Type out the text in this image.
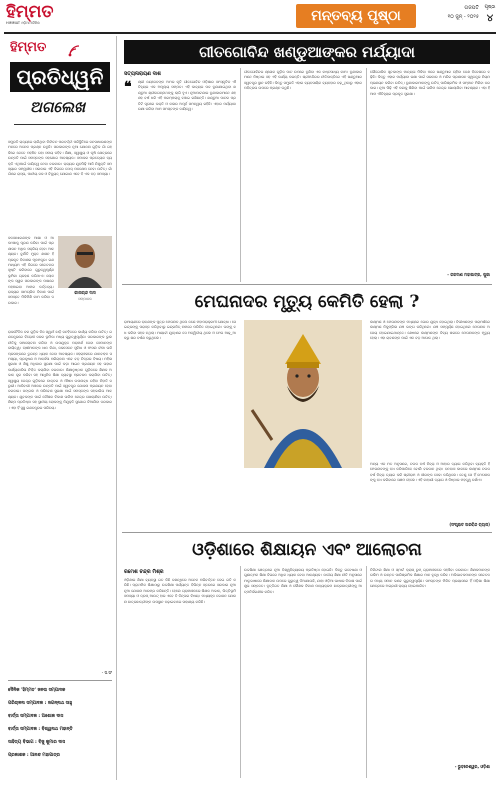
ହିମ୍ମତ
HIMMAT ଓଡ଼ିଆ ଦୈନିକ	ମନ୍ତବ୍ୟ ପୃଷ୍ଠା	ଗଜପତି
୧୦ ଜୁନ୍ - ୨୦୨୫
ପୃଷ୍ଠା
୪
ହିମ୍ମତ
ପ୍ରତିଧ୍ୱନି
ଅଗଲେଖ
ସମ୍ପ୍ରତି ରାଜ୍ୟରେ ଚାଲିଥିବା ନିର୍ବାଚନ ପରବର୍ତ୍ତୀ ପରିସ୍ଥିତିରେ ଜନସାଧାରଣଙ୍କ ମନରେ ଅନେକ ପ୍ରଶ୍ନ ଉଠୁଛି। ସରକାରଙ୍କ ନୂଆ ଯୋଜନା ଗୁଡ଼ିକ ଗାଁ ଗହଳିରେ କେତେ ପହଞ୍ଚିବ ତାହା ସମୟ କହିବ। ଶିକ୍ଷା, ସ୍ୱାସ୍ଥ୍ୟ ଓ କୃଷି କ୍ଷେତ୍ରରେ ଉନ୍ନତି ପାଇଁ ସମସ୍ତଙ୍କ ସହଯୋଗ ଆବଶ୍ୟକ। ସମାଜର ପ୍ରତ୍ୟେକ ବ୍ୟକ୍ତି ଏଥିପାଇଁ ଦାୟିତ୍ୱ ନେବା ଦରକାର। ରାଜ୍ୟର ଯୁବପିଢ଼ି ଆଜି ନିଯୁକ୍ତି ସମସ୍ୟାର ସମ୍ମୁଖୀନ। ସରକାର ଏହି ଦିଗରେ ଠୋସ୍ ପଦକ୍ଷେପ ନେବା ଉଚିତ୍। ଗାଁ ଗାଁରେ ରାସ୍ତା, ପାନୀୟ ଜଳ ଓ ବିଦ୍ୟୁତ୍ ଯୋଗାଣ ଏବେ ବି ଏକ ବଡ଼ ସମସ୍ୟା।
ଜନସାଧାରଣଙ୍କ ଆଶା ଓ ଆକାଂକ୍ଷାକୁ ପୂରଣ କରିବା ପାଇଁ ପ୍ରଶାସନ ଅଧିକ ସକ୍ରିୟ ହେବା ଆବଶ୍ୟକ। ଦୁର୍ନୀତି ମୁକ୍ତ ଶାସନ ହିଁ ପ୍ରକୃତ ବିକାଶର ମୂଳମନ୍ତ୍ର। ଗଣମାଧ୍ୟମ ଏହି ଦିଗରେ ସଚେତନତା ସୃଷ୍ଟି କରିବାରେ ଗୁରୁତ୍ୱପୂର୍ଣ୍ଣ ଭୂମିକା ଗ୍ରହଣ କରିଥାଏ। ଲୋକଙ୍କ ସ୍ୱର ସରକାରଙ୍କ ପାଖରେ ପହଞ୍ଚାଇବା ଆମର କର୍ତ୍ତବ୍ୟ। ରାଜ୍ୟର ସାମଗ୍ରିକ ବିକାଶ ପାଇଁ ସମସ୍ତେ ମିଳିମିଶି କାମ କରିବା ଦରକାର।
କାଳାଚାନ୍ଦ ଦାସ
ସମ୍ପାଦକ
ରାଜନୈତିକ ଦଳ ଗୁଡ଼ିକ ନିଜ ସ୍ୱାର୍ଥ ଛାଡ଼ି ଜନହିତରେ କାର୍ଯ୍ୟ କରିବା ଉଚିତ୍। ଗଣତନ୍ତ୍ରରେ ବିରୋଧୀ ଦଳର ଭୂମିକା ମଧ୍ୟ ଗୁରୁତ୍ୱପୂର୍ଣ୍ଣ। ସରକାରଙ୍କ ଭୁଲ ନୀତିକୁ ସମାଲୋଚନା କରିବା ଓ ଉପଯୁକ୍ତ ପରାମର୍ଶ ଦେବା ସେମାନଙ୍କ ଦାୟିତ୍ୱ। ଚାଷୀମାନଙ୍କ ଧାନ କିଣା, ଜଳସେଚନ ସୁବିଧା ଓ ଫସଲ ବୀମା ଭଳି ପ୍ରସଙ୍ଗରେ ତୁରନ୍ତ ଧ୍ୟାନ ଦେବା ଆବଶ୍ୟକ। ସହରାଞ୍ଚଳରେ ଯାନବାହନ ସମସ୍ୟା, ପ୍ରଦୂଷଣ ଓ ଆବର୍ଜନା ପରିଚାଳନା ଏବେ ବଡ଼ ଚିନ୍ତାର ବିଷୟ। ମହିଳା ସୁରକ୍ଷା ଓ ଶିଶୁ ଅଧିକାର ସୁରକ୍ଷା ପାଇଁ କଡ଼ା ଆଇନ ପ୍ରଣୟନ ସହ ତାହାର କାର୍ଯ୍ୟକାରିତା ନିଶ୍ଚିତ କରାଯିବା ଦରକାର। ଶିକ୍ଷାନୁଷ୍ଠାନ ଗୁଡ଼ିକରେ ଶିକ୍ଷକ ଅଭାବ ଦୂର କରିବା ସହ ଆଧୁନିକ ଶିକ୍ଷା ବ୍ୟବସ୍ଥା ପ୍ରଚଳନ କରାଯିବା ଉଚିତ୍। ସ୍ୱାସ୍ଥ୍ୟ କେନ୍ଦ୍ର ଗୁଡ଼ିକରେ ଡାକ୍ତର ଓ ଔଷଧ ଉପଲବ୍ଧ ରହିବା ନିହାତି ଜରୁରୀ। ଆଦିବାସୀ ଅଞ୍ଚଳର ଉନ୍ନତି ପାଇଁ ସ୍ୱତନ୍ତ୍ର ଯୋଜନା ପ୍ରଣୟନ ହେବା ଦରକାର। ଜଙ୍ଗଲ ଓ ପରିବେଶ ସୁରକ୍ଷା ପାଇଁ ସମସ୍ତଙ୍କ ସହଭାଗିତା ଆବଶ୍ୟକ। ଯୁବକଙ୍କ ପାଇଁ କୌଶଳ ବିକାଶ ତାଲିମ କେନ୍ଦ୍ର ଖୋଲାଯିବା ଉଚିତ୍। ଶିଳ୍ପ ପ୍ରତିଷ୍ଠା ସହ ସ୍ଥାନୀୟ ଲୋକଙ୍କୁ ନିଯୁକ୍ତି ସୁଯୋଗ ଦିଆଯିବା ଦରକାର। ଏହା ହିଁ ସୁସ୍ଥ ଗଣତନ୍ତ୍ରର ପରିଚୟ।
- ସ.ସଂ
ଦୈନିକ 'ହିମ୍ମତ' ଜନତା ସମ୍ପାଦକ
ପରିଚାଳନା ସମ୍ପାଦକ : ଜଗନ୍ନାଥ ସାହୁ
ବାର୍ତ୍ତା ସମ୍ପାଦକ : ଅଶୋକ ଦାସ
ବାର୍ତ୍ତା ସମ୍ପାଦକ : ବିଶ୍ୱନାଥ ମହାନ୍ତି
ସାହିତ୍ୟ ବିଭାଗ : ବିଜୁ କୁମାର ଦାସ
ପ୍ରକାଶକ : ଆନନ୍ଦ ମହାପାତ୍ର
ଗୀତଗୋବିନ୍ଦ ଖଣ୍ଡୁଆଙ୍କର ମର୍ଯ୍ୟାଦା
ସତ୍ୟନାରାୟଣ ଦାଶ
❝	ଶ୍ରୀ ଜୟଦେବଙ୍କ ଅମର କୃତି ଗୀତଗୋବିନ୍ଦ ଓଡ଼ିଶାର ସାଂସ୍କୃତିକ ଐତିହ୍ୟର ଏକ ଅମୂଲ୍ୟ ସମ୍ପଦ। ଏହି କାବ୍ୟର ପଦ ବୁଣାଯାଇଥିବା ଖଣ୍ଡୁଆ ଶ୍ରୀଜଗନ୍ନାଥଙ୍କୁ ଲାଗି ହୁଏ। ନୂଆପାଟଣାର ବୁଣାକାରମାନେ ଶହ ଶହ ବର୍ଷ ଧରି ଏହି ପରମ୍ପରାକୁ ବଞ୍ଚାଇ ରଖିଛନ୍ତି। ଖଣ୍ଡୁଆ ପାଟର ପ୍ରତିଟି ସୂତାରେ ଭକ୍ତି ଓ କଳାର ଅପୂର୍ବ ସମନ୍ୱୟ ରହିଛି। ଏହାର ମର୍ଯ୍ୟାଦା ରକ୍ଷା କରିବା ଆମ ସମସ୍ତଙ୍କ ଦାୟିତ୍ୱ।
ଗୀତଗୋବିନ୍ଦର ଶ୍ଳୋକ ଗୁଡ଼ିକ ପାଟ ଉପରେ ବୁଣିବା ଏକ କଷ୍ଟସାଧ୍ୟ କାମ। ବୁଣାକାରମାନେ ନିଷ୍ଠାର ସହ ଏହି କାର୍ଯ୍ୟ କରନ୍ତି। ଶ୍ରୀମନ୍ଦିରର ନୀତିକାନ୍ତିରେ ଏହି ଖଣ୍ଡୁଆର ସ୍ୱତନ୍ତ୍ର ସ୍ଥାନ ରହିଛି। କିନ୍ତୁ ସମ୍ପ୍ରତି ଏହାର ବ୍ୟବସାୟିକ ବ୍ୟବହାର ବଢ଼ୁଥିବାରୁ ଏହାର ପବିତ୍ରତା ଉପରେ ପ୍ରଶ୍ନ ଉଠୁଛି।
ଭୌଗୋଳିକ ସୂଚକାଙ୍କ ମାନ୍ୟତା ମିଳିବା ପରେ ଖଣ୍ଡୁଆର ଚାହିଦା ଦେଶ ବିଦେଶରେ ବଢ଼ିଛି। କିନ୍ତୁ ଏହାର ମର୍ଯ୍ୟାଦା ରକ୍ଷା ପାଇଁ ସରକାର ଓ ମନ୍ଦିର ପ୍ରଶାସନ ସ୍ୱତନ୍ତ୍ର ନିୟମ ପ୍ରଣୟନ କରିବା ଉଚିତ୍। ବୁଣାକାରମାନଙ୍କୁ ଉଚିତ୍ ପାରିଶ୍ରମିକ ଓ ସମ୍ମାନ ମିଳିବା ଦରକାର। ନୂଆ ପିଢ଼ି ଏହି କଳାକୁ ଶିଖିବା ପାଇଁ ତାଲିମ କେନ୍ଦ୍ର ଖୋଲାଯିବା ଆବଶ୍ୟକ। ଏହା ହିଁ ଆମ ଐତିହ୍ୟର ପ୍ରକୃତ ସୁରକ୍ଷା।
- ଜଗଦୀଶ ମହାପାତ୍ର, ପୁରୀ
ମେଘନାଦର ମୃତ୍ୟୁ କେମିତି ହେଲା ?
ରାମାୟଣରେ ରାବଣଙ୍କ ପୁତ୍ର ମେଘନାଦ ଥିଲେ ଜଣେ ମହାପରାକ୍ରମୀ ଯୋଦ୍ଧା। ସେ ଇନ୍ଦ୍ରଙ୍କୁ ପରାସ୍ତ କରିଥିବାରୁ ଇନ୍ଦ୍ରଜିତ୍ ନାମରେ ପରିଚିତ ହୋଇଥିଲେ। ତାଙ୍କୁ ବଧ କରିବା ସହଜ ନଥିଲା। ମାୟାବୀ ଯୁଦ୍ଧରେ ସେ ଅଦ୍ୱିତୀୟ ଥିଲେ ଓ ମେଘ ଆଢ଼ୁଆଳରୁ ଶର ବର୍ଷଣ କରୁଥିଲେ।
ଲକ୍ଷ୍ମଣ ଓ ମେଘନାଦଙ୍କ ମଧ୍ୟରେ ଘୋର ଯୁଦ୍ଧ ହୋଇଥିଲା। ବିଭୀଷଣଙ୍କ ପରାମର୍ଶରେ ଲକ୍ଷ୍ମଣ ନିକୁମ୍ଭିଳା ଯଜ୍ଞ ଭଙ୍ଗ କରିଥିଲେ। ଯଜ୍ଞ ସମ୍ପୂର୍ଣ୍ଣ ହୋଇଥିଲେ ମେଘନାଦ ଅଜେୟ ହୋଇଯାଇଥାନ୍ତେ। ଶେଷରେ ଲକ୍ଷ୍ମଣଙ୍କ ଦିବ୍ୟ ଶରରେ ମେଘନାଦଙ୍କ ମୃତ୍ୟୁ ହେଲା। ଏହା ରାବଣଙ୍କ ପାଇଁ ଏକ ବଡ଼ ଆଘାତ ଥିଲା।
ଅନ୍ୟ ଏକ ମତ ଅନୁସାରେ, ଚଉଦ ବର୍ଷ ନିଦ୍ରା ଓ ଆହାର ତ୍ୟାଗ କରିଥିବା ବ୍ୟକ୍ତି ହିଁ ମେଘନାଦଙ୍କୁ ବଧ କରିପାରିବେ ବୋଲି ବରଦାନ ଥିଲା। ବନବାସ କାଳରେ ଲକ୍ଷ୍ମଣ ଚଉଦ ବର୍ଷ ନିଦ୍ରା ତ୍ୟାଗ କରି ଶ୍ରୀରାମ ଓ ସୀତାଙ୍କ ସେବା କରିଥିଲେ। ତେଣୁ ସେ ହିଁ ମେଘନାଦଙ୍କୁ ବଧ କରିବାରେ ସକ୍ଷମ ହେଲେ। ଏହି କାହାଣୀ ତ୍ୟାଗ ଓ ନିଷ୍ଠାର ମହତ୍ତ୍ୱ ଦର୍ଶାଏ।
(ସଂଗୃହୀତ ଅରବିନ୍ଦ ବ୍ୟାସ)
ଓଡ଼ିଶାରେ ଶିକ୍ଷାୟନ ଏବଂ ଆଲୋଚନା
ରମେଶ ଚନ୍ଦ୍ର ମିଶ୍ର
ଓଡ଼ିଶାର ଶିକ୍ଷା ବ୍ୟବସ୍ଥା ଗତ କିଛି ଦଶନ୍ଧିରେ ଅନେକ ପରିବର୍ତ୍ତନ ଦେଇ ଗତି କରିଛି। ପ୍ରାଥମିକ ଶିକ୍ଷାଠାରୁ ଉଚ୍ଚଶିକ୍ଷା ପର୍ଯ୍ୟନ୍ତ ବିଭିନ୍ନ ସ୍ତରରେ ସରକାର ନୂଆ ନୂଆ ଯୋଜନା ଆରମ୍ଭ କରିଛନ୍ତି। ହେଲେ ଗ୍ରାମାଞ୍ଚଳରେ ଶିକ୍ଷକ ଅଭାବ, ଭିତ୍ତିଭୂମି ସମସ୍ୟା ଓ ଡ୍ରପ୍ ଆଉଟ୍ ହାର ଏବେ ବି ଚିନ୍ତାର ବିଷୟ। ମଧ୍ୟାହ୍ନ ଭୋଜନ ଯୋଜନା ଛାତ୍ରଛାତ୍ରୀଙ୍କ ଉପସ୍ଥାନ ବଢ଼ାଇବାରେ ସାହାଯ୍ୟ କରିଛି।
ଉଚ୍ଚଶିକ୍ଷା କ୍ଷେତ୍ରରେ ନୂଆ ବିଶ୍ୱବିଦ୍ୟାଳୟ ପ୍ରତିଷ୍ଠା ହୋଇଛି। କିନ୍ତୁ ଗବେଷଣା ଓ ଗୁଣାତ୍ମକ ଶିକ୍ଷା ଦିଗରେ ଅଧିକ ଧ୍ୟାନ ଦେବା ଆବଶ୍ୟକ। ଜାତୀୟ ଶିକ୍ଷା ନୀତି ଅନୁସାରେ ମାତୃଭାଷାରେ ଶିକ୍ଷାଦାନ ଉପରେ ଗୁରୁତ୍ୱ ଦିଆଯାଉଛି, ଯାହା ଓଡ଼ିଆ ଭାଷାର ବିକାଶ ପାଇଁ ଶୁଭ ସଙ୍କେତ। ବୃତ୍ତିଗତ ଶିକ୍ଷା ଓ କୌଶଳ ବିକାଶ ପାଠ୍ୟକ୍ରମ ଛାତ୍ରଛାତ୍ରୀଙ୍କୁ ଆତ୍ମନିର୍ଭରଶୀଳ କରିବ।
ଡିଜିଟାଲ ଶିକ୍ଷା ଓ ସ୍ମାର୍ଟ କ୍ଲାସ୍ ରୁମ୍ ଗ୍ରାମାଞ୍ଚଳରେ ପହଞ୍ଚିବା ଦରକାର। ଶିକ୍ଷକମାନଙ୍କ ତାଲିମ ଓ ଉନ୍ନତ ପାରିଶ୍ରମିକ ଶିକ୍ଷାର ମାନ ବୃଦ୍ଧି କରିବ। ଅଭିଭାବକମାନଙ୍କ ସଚେତନତା ମଧ୍ୟ ସମାନ ଭାବେ ଗୁରୁତ୍ୱପୂର୍ଣ୍ଣ। ସମସ୍ତଙ୍କ ମିଳିତ ପ୍ରୟାସରେ ହିଁ ଓଡ଼ିଶା ଶିକ୍ଷା କ୍ଷେତ୍ରରେ ଅଗ୍ରଣୀ ରାଜ୍ୟ ହୋଇପାରିବ।
- ଭୁବନେଶ୍ୱର, ଓଡ଼ିଶା
